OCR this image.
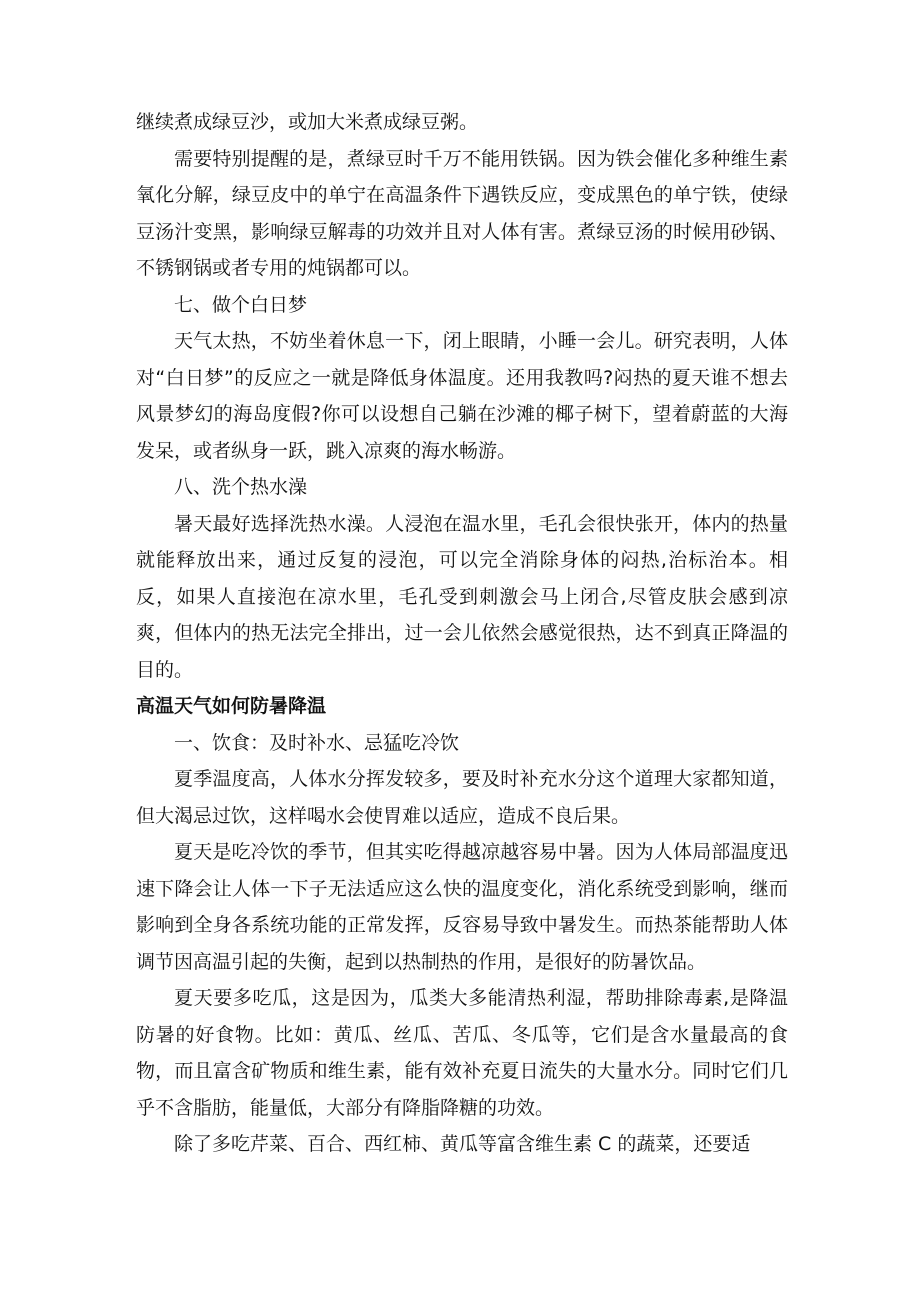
继续煮成绿豆沙，或加大米煮成绿豆粥。

需要特别提醒的是，煮绿豆时千万不能用铁锅。因为铁会催化多种维生素氧化分解，绿豆皮中的单宁在高温条件下遇铁反应，变成黑色的单宁铁，使绿豆汤汁变黑，影响绿豆解毒的功效并且对人体有害。煮绿豆汤的时候用砂锅、不锈钢锅或者专用的炖锅都可以。

七、做个白日梦

天气太热，不妨坐着休息一下，闭上眼睛，小睡一会儿。研究表明，人体对“白日梦”的反应之一就是降低身体温度。还用我教吗?闷热的夏天谁不想去风景梦幻的海岛度假?你可以设想自己躺在沙滩的椰子树下，望着蔚蓝的大海发呆，或者纵身一跃，跳入凉爽的海水畅游。

八、洗个热水澡

暑天最好选择洗热水澡。人浸泡在温水里，毛孔会很快张开，体内的热量就能释放出来，通过反复的浸泡，可以完全消除身体的闷热,治标治本。相反，如果人直接泡在凉水里，毛孔受到刺激会马上闭合,尽管皮肤会感到凉爽，但体内的热无法完全排出，过一会儿依然会感觉很热，达不到真正降温的目的。

高温天气如何防暑降温

一、饮食：及时补水、忌猛吃冷饮

夏季温度高，人体水分挥发较多，要及时补充水分这个道理大家都知道，但大渴忌过饮，这样喝水会使胃难以适应，造成不良后果。

夏天是吃冷饮的季节，但其实吃得越凉越容易中暑。因为人体局部温度迅速下降会让人体一下子无法适应这么快的温度变化，消化系统受到影响，继而影响到全身各系统功能的正常发挥，反容易导致中暑发生。而热茶能帮助人体调节因高温引起的失衡，起到以热制热的作用，是很好的防暑饮品。

夏天要多吃瓜，这是因为，瓜类大多能清热利湿，帮助排除毒素,是降温防暑的好食物。比如：黄瓜、丝瓜、苦瓜、冬瓜等，它们是含水量最高的食物，而且富含矿物质和维生素，能有效补充夏日流失的大量水分。同时它们几乎不含脂肪，能量低，大部分有降脂降糖的功效。

除了多吃芹菜、百合、西红柿、黄瓜等富含维生素 C 的蔬菜，还要适
